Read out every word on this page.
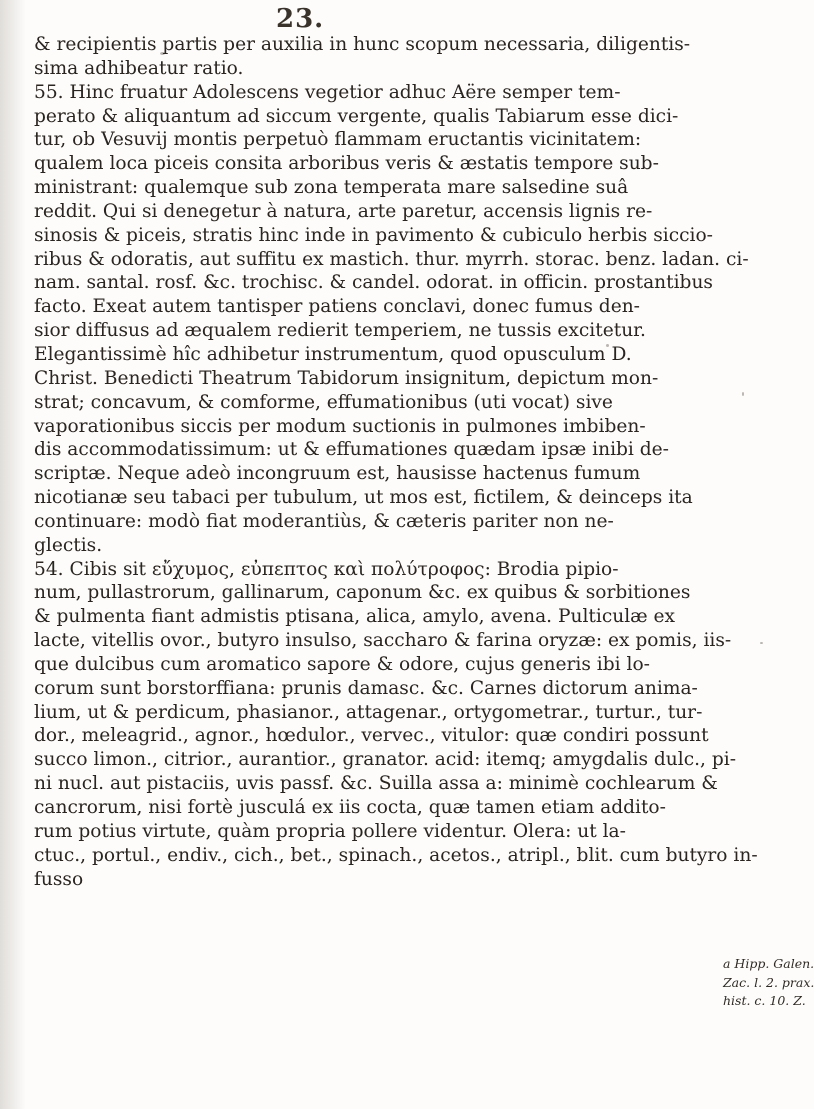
23.
& recipientis partis per auxilia in hunc scopum necessaria, diligentis-
sima adhibeatur ratio.
55. Hinc fruatur Adolescens vegetior adhuc Aëre semper tem-
perato & aliquantum ad siccum vergente, qualis Tabiarum esse dici-
tur, ob Vesuvij montis perpetuò flammam eructantis vicinitatem:
qualem loca piceis consita arboribus veris & æstatis tempore sub-
ministrant: qualemque sub zona temperata mare salsedine suâ
reddit. Qui si denegetur à natura, arte paretur, accensis lignis re-
sinosis & piceis, stratis hinc inde in pavimento & cubiculo herbis siccio-
ribus & odoratis, aut suffitu ex mastich. thur. myrrh. storac. benz. ladan. ci-
nam. santal. rosf. &c. trochisc. & candel. odorat. in officin. prostantibus
facto. Exeat autem tantisper patiens conclavi, donec fumus den-
sior diffusus ad æqualem redierit temperiem, ne tussis excitetur.
Elegantissimè hîc adhibetur instrumentum, quod opusculum D.
Christ. Benedicti Theatrum Tabidorum insignitum, depictum mon-
strat; concavum, & comforme, effumationibus (uti vocat) sive
vaporationibus siccis per modum suctionis in pulmones imbiben-
dis accommodatissimum: ut & effumationes quædam ipsæ inibi de-
scriptæ. Neque adeò incongruum est, hausisse hactenus fumum
nicotianæ seu tabaci per tubulum, ut mos est, fictilem, & deinceps ita
continuare: modò fiat moderantiùs, & cæteris pariter non ne-
glectis.
54. Cibis sit εὔχυμος, εὐπεπτος καὶ πολύτροφος: Brodia pipio-
num, pullastrorum, gallinarum, caponum &c. ex quibus & sorbitiones
& pulmenta fiant admistis ptisana, alica, amylo, avena. Pulticulæ ex
lacte, vitellis ovor., butyro insulso, saccharo & farina oryzæ: ex pomis, iis-
que dulcibus cum aromatico sapore & odore, cujus generis ibi lo-
corum sunt borstorffiana: prunis damasc. &c. Carnes dictorum anima-
lium, ut & perdicum, phasianor., attagenar., ortygometrar., turtur., tur-
dor., meleagrid., agnor., hœdulor., vervec., vitulor: quæ condiri possunt
succo limon., citrior., aurantior., granator. acid: itemq; amygdalis dulc., pi-
ni nucl. aut pistaciis, uvis passf. &c. Suilla assa a: minimè cochlearum &
cancrorum, nisi fortè jusculá ex iis cocta, quæ tamen etiam addito-
rum potius virtute, quàm propria pollere videntur. Olera: ut la-
ctuc., portul., endiv., cich., bet., spinach., acetos., atripl., blit. cum butyro in-
fusso
a Hipp. Galen.
Zac. l. 2. prax.
hist. c. 10. Z.
